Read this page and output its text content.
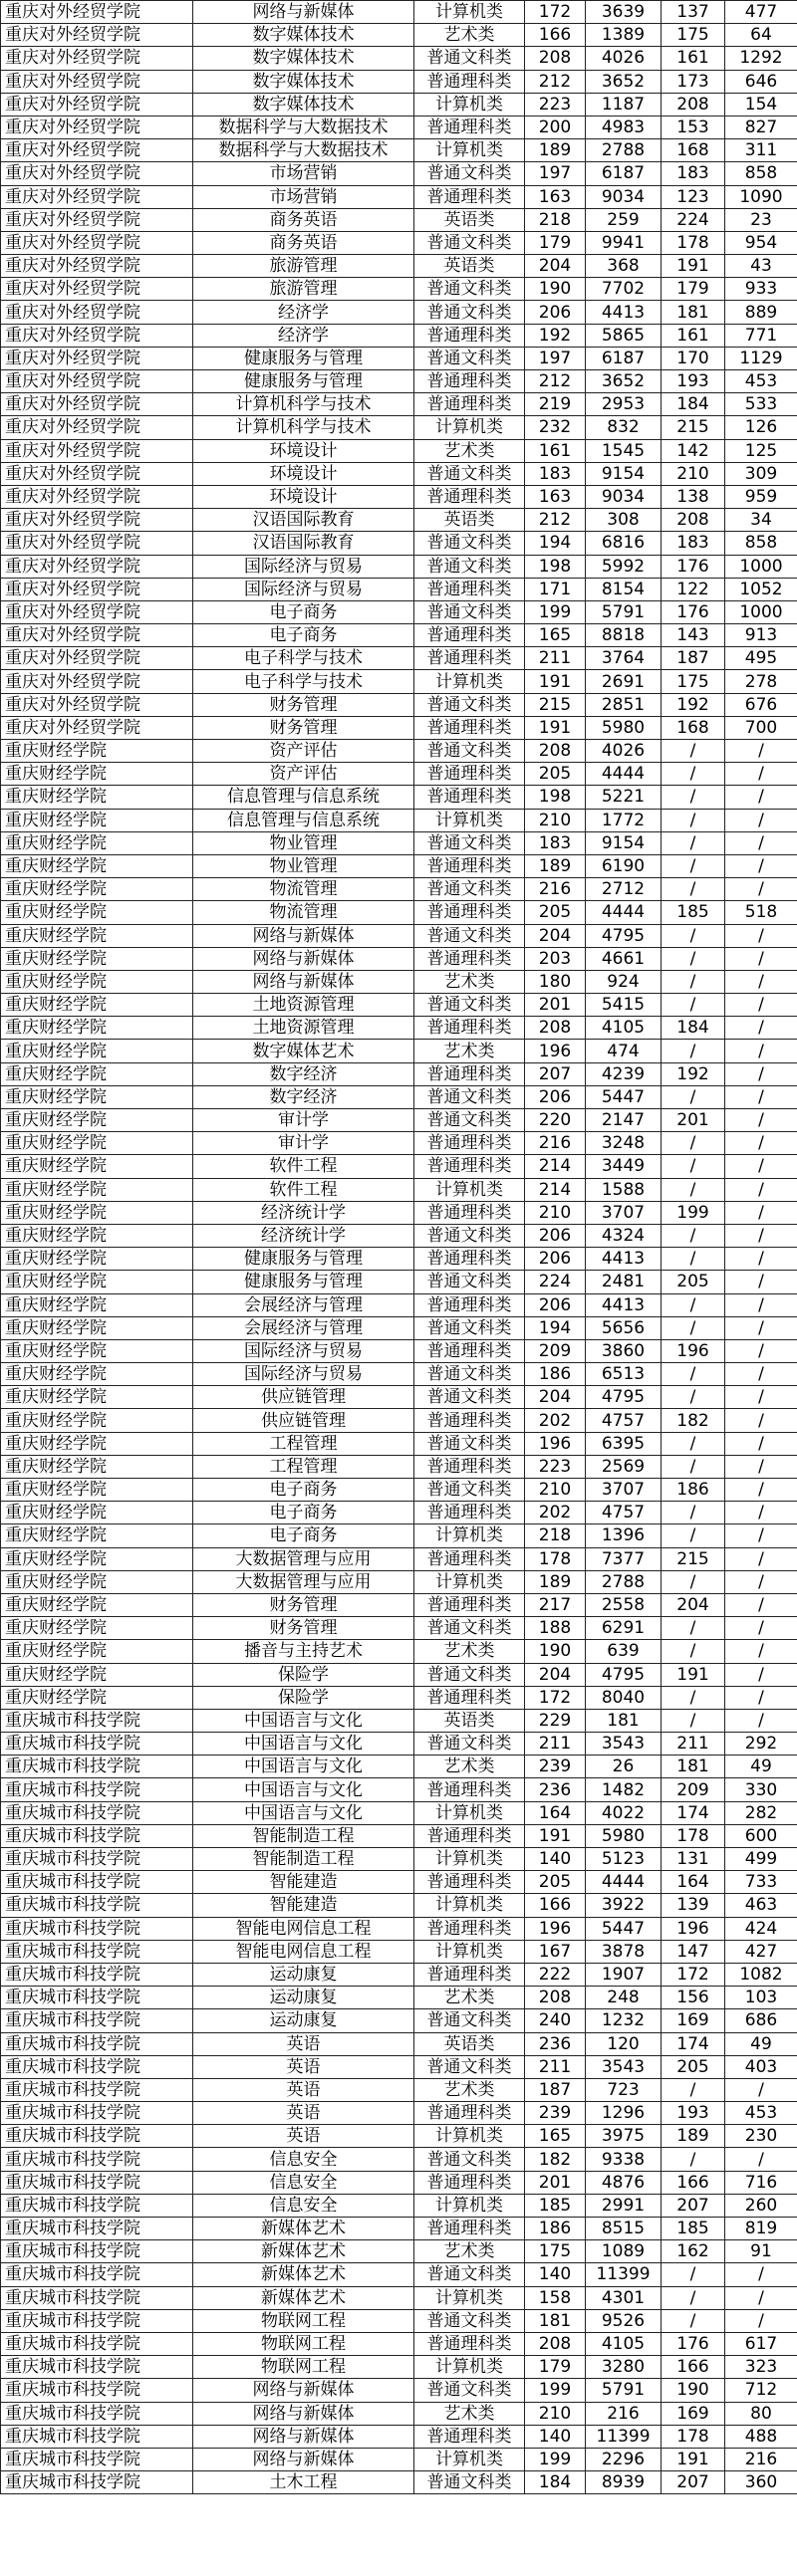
重庆对外经贸学院	网络与新媒体	计算机类	172	3639	137	477
重庆对外经贸学院	数字媒体技术	艺术类	166	1389	175	64
重庆对外经贸学院	数字媒体技术	普通文科类	208	4026	161	1292
重庆对外经贸学院	数字媒体技术	普通理科类	212	3652	173	646
重庆对外经贸学院	数字媒体技术	计算机类	223	1187	208	154
重庆对外经贸学院	数据科学与大数据技术	普通理科类	200	4983	153	827
重庆对外经贸学院	数据科学与大数据技术	计算机类	189	2788	168	311
重庆对外经贸学院	市场营销	普通文科类	197	6187	183	858
重庆对外经贸学院	市场营销	普通理科类	163	9034	123	1090
重庆对外经贸学院	商务英语	英语类	218	259	224	23
重庆对外经贸学院	商务英语	普通文科类	179	9941	178	954
重庆对外经贸学院	旅游管理	英语类	204	368	191	43
重庆对外经贸学院	旅游管理	普通文科类	190	7702	179	933
重庆对外经贸学院	经济学	普通文科类	206	4413	181	889
重庆对外经贸学院	经济学	普通理科类	192	5865	161	771
重庆对外经贸学院	健康服务与管理	普通文科类	197	6187	170	1129
重庆对外经贸学院	健康服务与管理	普通理科类	212	3652	193	453
重庆对外经贸学院	计算机科学与技术	普通理科类	219	2953	184	533
重庆对外经贸学院	计算机科学与技术	计算机类	232	832	215	126
重庆对外经贸学院	环境设计	艺术类	161	1545	142	125
重庆对外经贸学院	环境设计	普通文科类	183	9154	210	309
重庆对外经贸学院	环境设计	普通理科类	163	9034	138	959
重庆对外经贸学院	汉语国际教育	英语类	212	308	208	34
重庆对外经贸学院	汉语国际教育	普通文科类	194	6816	183	858
重庆对外经贸学院	国际经济与贸易	普通文科类	198	5992	176	1000
重庆对外经贸学院	国际经济与贸易	普通理科类	171	8154	122	1052
重庆对外经贸学院	电子商务	普通文科类	199	5791	176	1000
重庆对外经贸学院	电子商务	普通理科类	165	8818	143	913
重庆对外经贸学院	电子科学与技术	普通理科类	211	3764	187	495
重庆对外经贸学院	电子科学与技术	计算机类	191	2691	175	278
重庆对外经贸学院	财务管理	普通文科类	215	2851	192	676
重庆对外经贸学院	财务管理	普通理科类	191	5980	168	700
重庆财经学院	资产评估	普通文科类	208	4026	/	/
重庆财经学院	资产评估	普通理科类	205	4444	/	/
重庆财经学院	信息管理与信息系统	普通理科类	198	5221	/	/
重庆财经学院	信息管理与信息系统	计算机类	210	1772	/	/
重庆财经学院	物业管理	普通文科类	183	9154	/	/
重庆财经学院	物业管理	普通理科类	189	6190	/	/
重庆财经学院	物流管理	普通文科类	216	2712	/	/
重庆财经学院	物流管理	普通理科类	205	4444	185	518
重庆财经学院	网络与新媒体	普通文科类	204	4795	/	/
重庆财经学院	网络与新媒体	普通理科类	203	4661	/	/
重庆财经学院	网络与新媒体	艺术类	180	924	/	/
重庆财经学院	土地资源管理	普通文科类	201	5415	/	/
重庆财经学院	土地资源管理	普通理科类	208	4105	184	/
重庆财经学院	数字媒体艺术	艺术类	196	474	/	/
重庆财经学院	数字经济	普通理科类	207	4239	192	/
重庆财经学院	数字经济	普通文科类	206	5447	/	/
重庆财经学院	审计学	普通文科类	220	2147	201	/
重庆财经学院	审计学	普通理科类	216	3248	/	/
重庆财经学院	软件工程	普通理科类	214	3449	/	/
重庆财经学院	软件工程	计算机类	214	1588	/	/
重庆财经学院	经济统计学	普通理科类	210	3707	199	/
重庆财经学院	经济统计学	普通文科类	206	4324	/	/
重庆财经学院	健康服务与管理	普通理科类	206	4413	/	/
重庆财经学院	健康服务与管理	普通文科类	224	2481	205	/
重庆财经学院	会展经济与管理	普通理科类	206	4413	/	/
重庆财经学院	会展经济与管理	普通文科类	194	5656	/	/
重庆财经学院	国际经济与贸易	普通理科类	209	3860	196	/
重庆财经学院	国际经济与贸易	普通文科类	186	6513	/	/
重庆财经学院	供应链管理	普通文科类	204	4795	/	/
重庆财经学院	供应链管理	普通理科类	202	4757	182	/
重庆财经学院	工程管理	普通文科类	196	6395	/	/
重庆财经学院	工程管理	普通理科类	223	2569	/	/
重庆财经学院	电子商务	普通文科类	210	3707	186	/
重庆财经学院	电子商务	普通理科类	202	4757	/	/
重庆财经学院	电子商务	计算机类	218	1396	/	/
重庆财经学院	大数据管理与应用	普通理科类	178	7377	215	/
重庆财经学院	大数据管理与应用	计算机类	189	2788	/	/
重庆财经学院	财务管理	普通理科类	217	2558	204	/
重庆财经学院	财务管理	普通文科类	188	6291	/	/
重庆财经学院	播音与主持艺术	艺术类	190	639	/	/
重庆财经学院	保险学	普通文科类	204	4795	191	/
重庆财经学院	保险学	普通理科类	172	8040	/	/
重庆城市科技学院	中国语言与文化	英语类	229	181	/	/
重庆城市科技学院	中国语言与文化	普通文科类	211	3543	211	292
重庆城市科技学院	中国语言与文化	艺术类	239	26	181	49
重庆城市科技学院	中国语言与文化	普通理科类	236	1482	209	330
重庆城市科技学院	中国语言与文化	计算机类	164	4022	174	282
重庆城市科技学院	智能制造工程	普通理科类	191	5980	178	600
重庆城市科技学院	智能制造工程	计算机类	140	5123	131	499
重庆城市科技学院	智能建造	普通理科类	205	4444	164	733
重庆城市科技学院	智能建造	计算机类	166	3922	139	463
重庆城市科技学院	智能电网信息工程	普通理科类	196	5447	196	424
重庆城市科技学院	智能电网信息工程	计算机类	167	3878	147	427
重庆城市科技学院	运动康复	普通理科类	222	1907	172	1082
重庆城市科技学院	运动康复	艺术类	208	248	156	103
重庆城市科技学院	运动康复	普通文科类	240	1232	169	686
重庆城市科技学院	英语	英语类	236	120	174	49
重庆城市科技学院	英语	普通文科类	211	3543	205	403
重庆城市科技学院	英语	艺术类	187	723	/	/
重庆城市科技学院	英语	普通理科类	239	1296	193	453
重庆城市科技学院	英语	计算机类	165	3975	189	230
重庆城市科技学院	信息安全	普通文科类	182	9338	/	/
重庆城市科技学院	信息安全	普通理科类	201	4876	166	716
重庆城市科技学院	信息安全	计算机类	185	2991	207	260
重庆城市科技学院	新媒体艺术	普通理科类	186	8515	185	819
重庆城市科技学院	新媒体艺术	艺术类	175	1089	162	91
重庆城市科技学院	新媒体艺术	普通文科类	140	11399	/	/
重庆城市科技学院	新媒体艺术	计算机类	158	4301	/	/
重庆城市科技学院	物联网工程	普通文科类	181	9526	/	/
重庆城市科技学院	物联网工程	普通理科类	208	4105	176	617
重庆城市科技学院	物联网工程	计算机类	179	3280	166	323
重庆城市科技学院	网络与新媒体	普通文科类	199	5791	190	712
重庆城市科技学院	网络与新媒体	艺术类	210	216	169	80
重庆城市科技学院	网络与新媒体	普通理科类	140	11399	178	488
重庆城市科技学院	网络与新媒体	计算机类	199	2296	191	216
重庆城市科技学院	土木工程	普通文科类	184	8939	207	360
